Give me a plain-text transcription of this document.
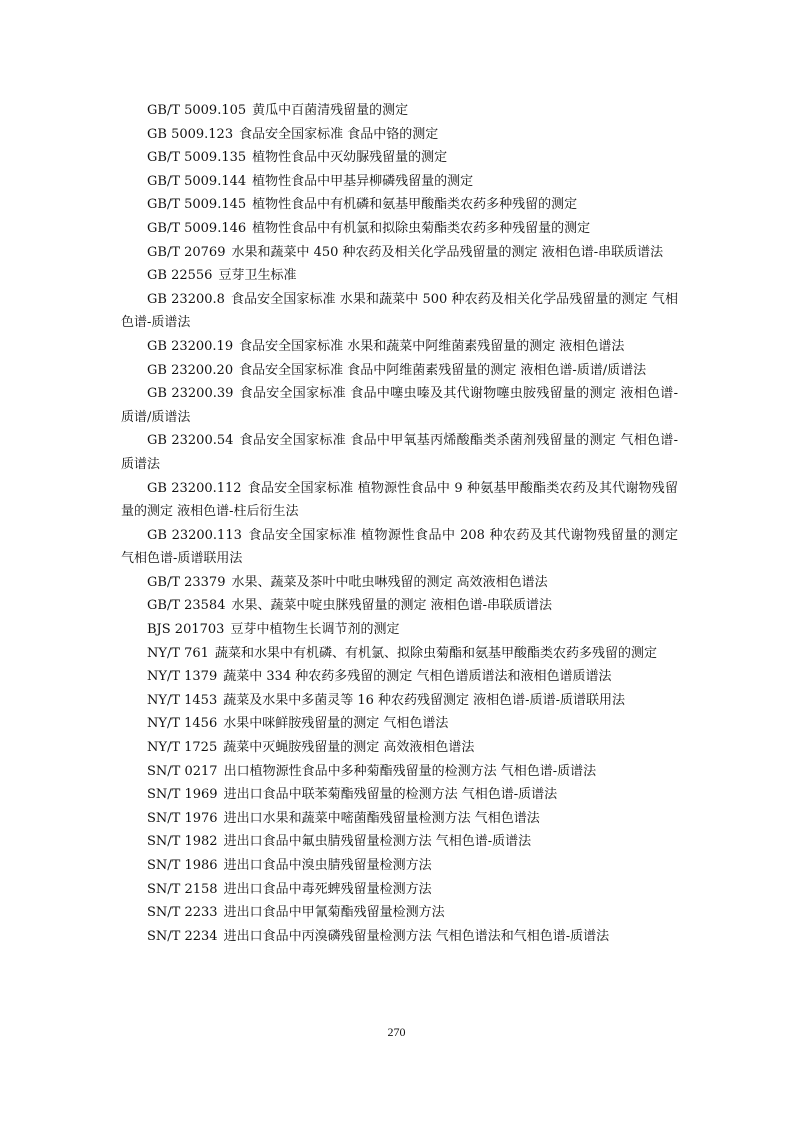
GB/T 5009.105 黄瓜中百菌清残留量的测定
GB 5009.123 食品安全国家标准 食品中铬的测定
GB/T 5009.135 植物性食品中灭幼脲残留量的测定
GB/T 5009.144 植物性食品中甲基异柳磷残留量的测定
GB/T 5009.145 植物性食品中有机磷和氨基甲酸酯类农药多种残留的测定
GB/T 5009.146 植物性食品中有机氯和拟除虫菊酯类农药多种残留量的测定
GB/T 20769 水果和蔬菜中 450 种农药及相关化学品残留量的测定 液相色谱-串联质谱法
GB 22556 豆芽卫生标准
GB 23200.8 食品安全国家标准 水果和蔬菜中 500 种农药及相关化学品残留量的测定 气相色谱-质谱法
GB 23200.19 食品安全国家标准 水果和蔬菜中阿维菌素残留量的测定 液相色谱法
GB 23200.20 食品安全国家标准 食品中阿维菌素残留量的测定 液相色谱-质谱/质谱法
GB 23200.39 食品安全国家标准 食品中噻虫嗪及其代谢物噻虫胺残留量的测定 液相色谱-质谱/质谱法
GB 23200.54 食品安全国家标准 食品中甲氧基丙烯酸酯类杀菌剂残留量的测定 气相色谱-质谱法
GB 23200.112 食品安全国家标准 植物源性食品中 9 种氨基甲酸酯类农药及其代谢物残留量的测定 液相色谱-柱后衍生法
GB 23200.113 食品安全国家标准 植物源性食品中 208 种农药及其代谢物残留量的测定 气相色谱-质谱联用法
GB/T 23379 水果、蔬菜及茶叶中吡虫啉残留的测定 高效液相色谱法
GB/T 23584 水果、蔬菜中啶虫脒残留量的测定 液相色谱-串联质谱法
BJS 201703 豆芽中植物生长调节剂的测定
NY/T 761 蔬菜和水果中有机磷、有机氯、拟除虫菊酯和氨基甲酸酯类农药多残留的测定
NY/T 1379 蔬菜中 334 种农药多残留的测定 气相色谱质谱法和液相色谱质谱法
NY/T 1453 蔬菜及水果中多菌灵等 16 种农药残留测定 液相色谱-质谱-质谱联用法
NY/T 1456 水果中咪鲜胺残留量的测定 气相色谱法
NY/T 1725 蔬菜中灭蝇胺残留量的测定 高效液相色谱法
SN/T 0217 出口植物源性食品中多种菊酯残留量的检测方法 气相色谱-质谱法
SN/T 1969 进出口食品中联苯菊酯残留量的检测方法 气相色谱-质谱法
SN/T 1976 进出口水果和蔬菜中嘧菌酯残留量检测方法 气相色谱法
SN/T 1982 进出口食品中氟虫腈残留量检测方法 气相色谱-质谱法
SN/T 1986 进出口食品中溴虫腈残留量检测方法
SN/T 2158 进出口食品中毒死蜱残留量检测方法
SN/T 2233 进出口食品中甲氰菊酯残留量检测方法
SN/T 2234 进出口食品中丙溴磷残留量检测方法 气相色谱法和气相色谱-质谱法
270
